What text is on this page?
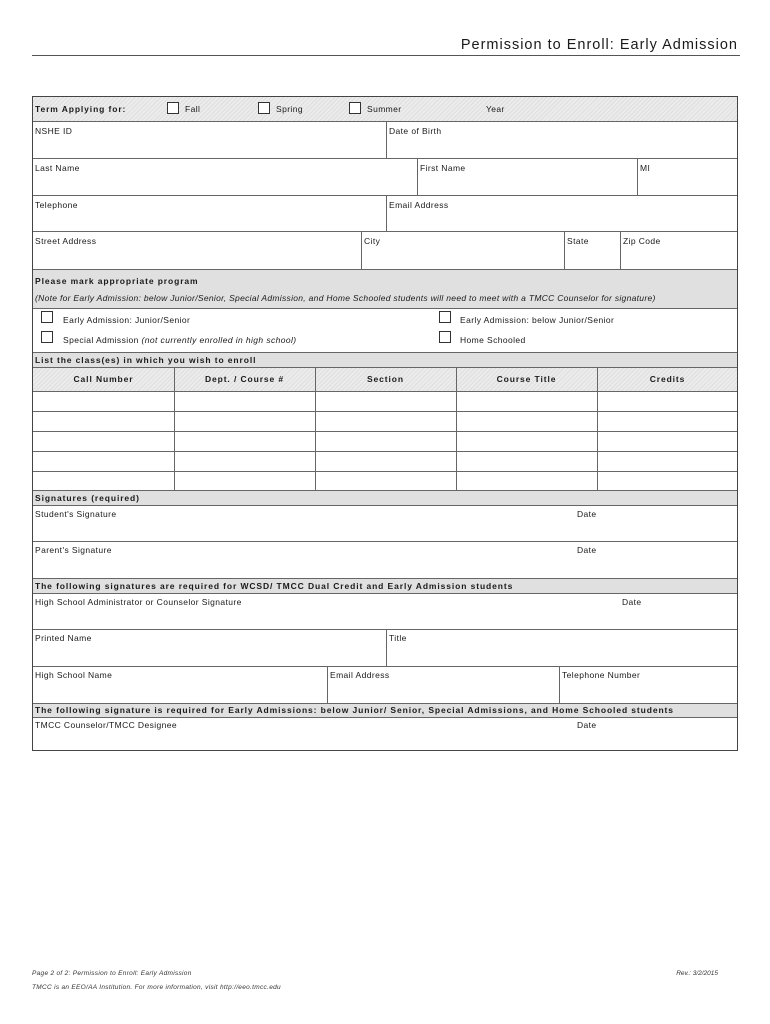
Permission to Enroll: Early Admission
Term Applying for:	Fall	Spring	Summer	Year
NSHE ID	Date of Birth
Last Name	First Name	MI
Telephone	Email Address
Street Address	City	State	Zip Code
Please mark appropriate program
(Note for Early Admission: below Junior/Senior, Special Admission, and Home Schooled students will need to meet with a TMCC Counselor for signature)
Early Admission: Junior/Senior	Early Admission: below Junior/Senior
Special Admission (not currently enrolled in high school)	Home Schooled
List the class(es) in which you wish to enroll
Call Number	Dept. / Course #	Section	Course Title	Credits
Signatures (required)
Student's Signature	Date
Parent's Signature	Date
The following signatures are required for WCSD/ TMCC Dual Credit and Early Admission students
High School Administrator or Counselor Signature	Date
Printed Name	Title
High School Name	Email Address	Telephone Number
The following signature is required for Early Admissions: below Junior/ Senior, Special Admissions, and Home Schooled students
TMCC Counselor/TMCC Designee	Date
Page 2 of 2: Permission to Enroll: Early Admission
TMCC is an EEO/AA Institution. For more information, visit http://eeo.tmcc.edu
Rev.: 3/2/2015
